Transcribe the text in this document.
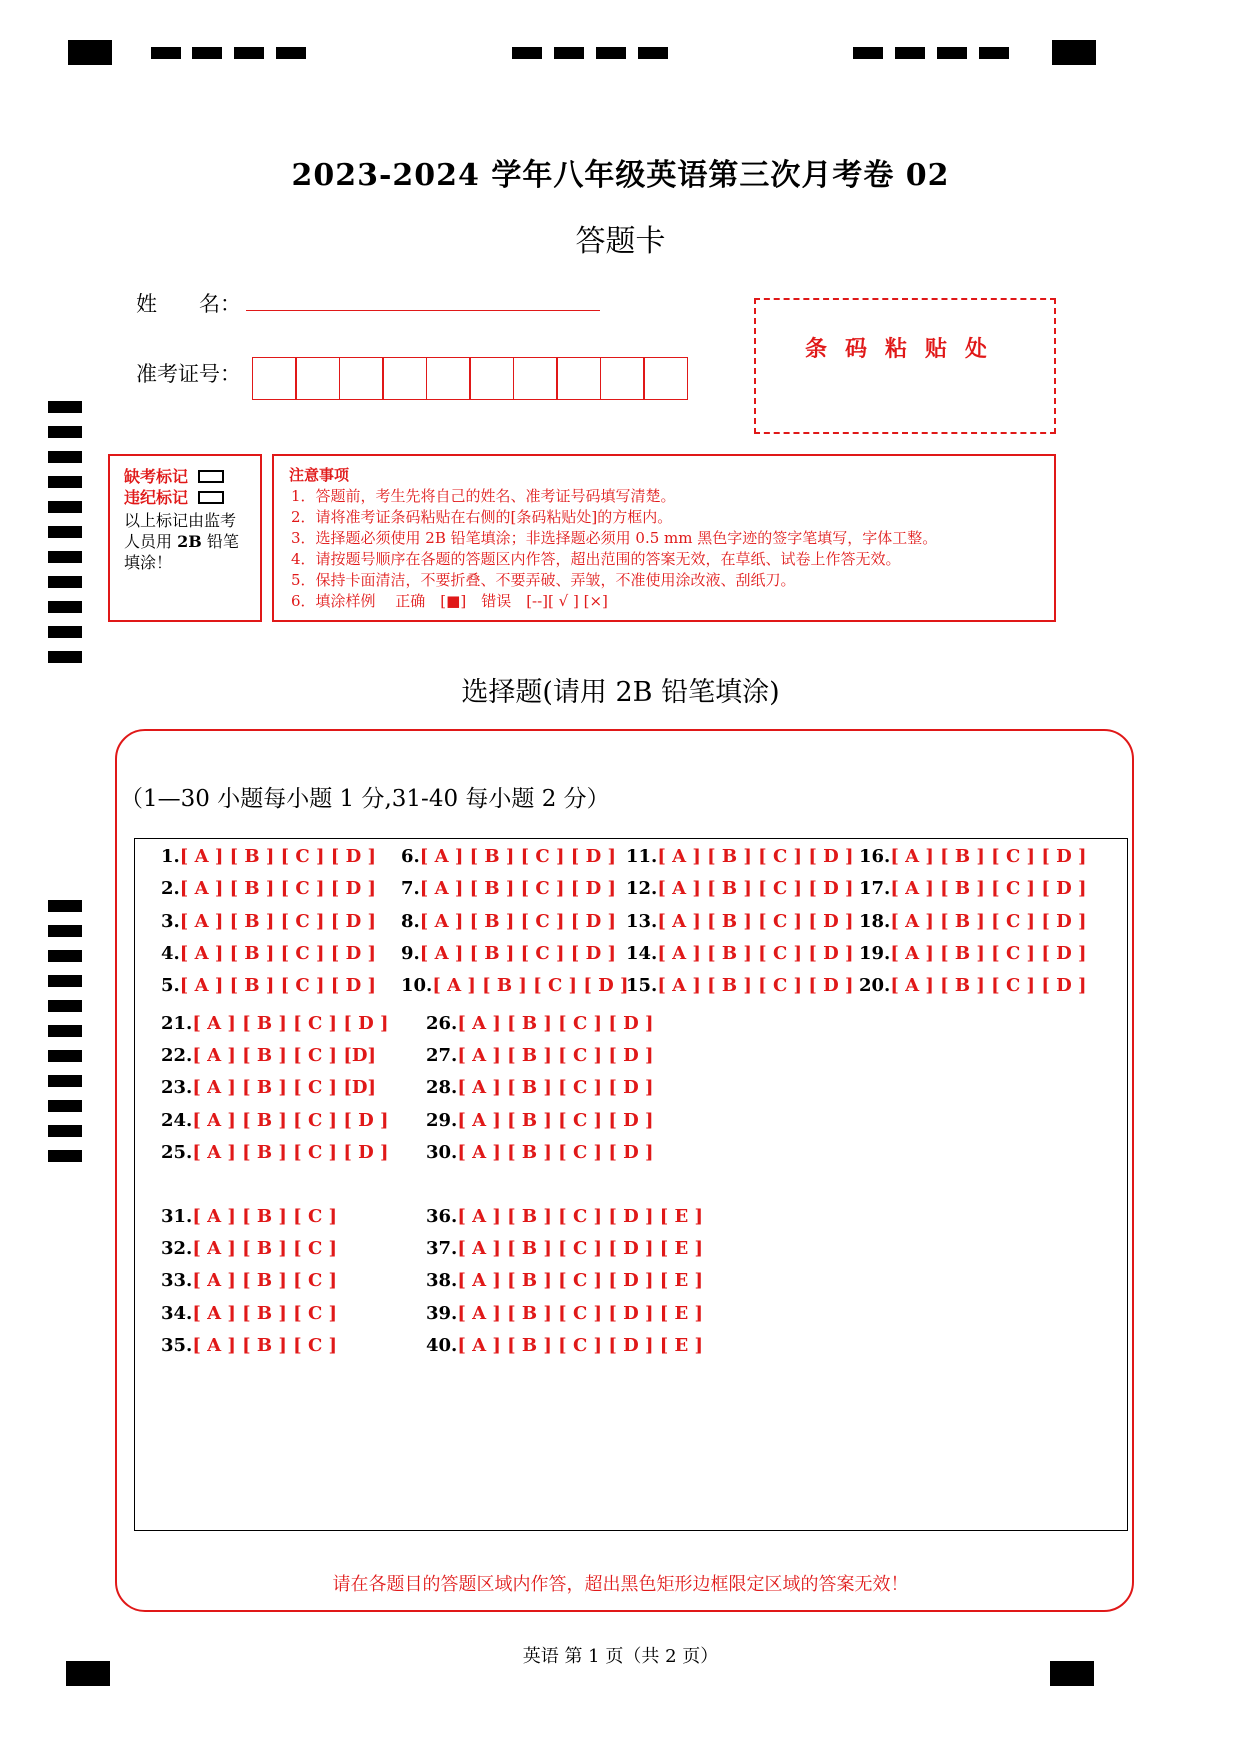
2023-2024 学年八年级英语第三次月考卷 02
答题卡
姓　　名：
准考证号：
条码粘贴处
缺考标记
违纪标记
以上标记由监考
人员用 2B 铅笔
填涂！
注意事项
1．答题前，考生先将自己的姓名、准考证号码填写清楚。
2．请将准考证条码粘贴在右侧的[条码粘贴处]的方框内。
3．选择题必须使用 2B 铅笔填涂；非选择题必须用 0.5 mm 黑色字迹的签字笔填写，字体工整。
4．请按题号顺序在各题的答题区内作答，超出范围的答案无效，在草纸、试卷上作答无效。
5．保持卡面清洁，不要折叠、不要弄破、弄皱，不准使用涂改液、刮纸刀。
6．填涂样例　 正确　[■]　错误　[--][ √ ] [×]
选择题(请用 2B 铅笔填涂)
（1—30 小题每小题 1 分,31-40 每小题 2 分）
1.[ A ] [ B ] [ C ] [ D ]
2.[ A ] [ B ] [ C ] [ D ]
3.[ A ] [ B ] [ C ] [ D ]
4.[ A ] [ B ] [ C ] [ D ]
5.[ A ] [ B ] [ C ] [ D ]
6.[ A ] [ B ] [ C ] [ D ]
7.[ A ] [ B ] [ C ] [ D ]
8.[ A ] [ B ] [ C ] [ D ]
9.[ A ] [ B ] [ C ] [ D ]
10.[ A ] [ B ] [ C ] [ D ]
11.[ A ] [ B ] [ C ] [ D ]
12.[ A ] [ B ] [ C ] [ D ]
13.[ A ] [ B ] [ C ] [ D ]
14.[ A ] [ B ] [ C ] [ D ]
15.[ A ] [ B ] [ C ] [ D ]
16.[ A ] [ B ] [ C ] [ D ]
17.[ A ] [ B ] [ C ] [ D ]
18.[ A ] [ B ] [ C ] [ D ]
19.[ A ] [ B ] [ C ] [ D ]
20.[ A ] [ B ] [ C ] [ D ]
21.[ A ] [ B ] [ C ] [ D ]
22.[ A ] [ B ] [ C ] [D]
23.[ A ] [ B ] [ C ] [D]
24.[ A ] [ B ] [ C ] [ D ]
25.[ A ] [ B ] [ C ] [ D ]
26.[ A ] [ B ] [ C ] [ D ]
27.[ A ] [ B ] [ C ] [ D ]
28.[ A ] [ B ] [ C ] [ D ]
29.[ A ] [ B ] [ C ] [ D ]
30.[ A ] [ B ] [ C ] [ D ]
31.[ A ] [ B ] [ C ]
32.[ A ] [ B ] [ C ]
33.[ A ] [ B ] [ C ]
34.[ A ] [ B ] [ C ]
35.[ A ] [ B ] [ C ]
36.[ A ] [ B ] [ C ] [ D ] [ E ]
37.[ A ] [ B ] [ C ] [ D ] [ E ]
38.[ A ] [ B ] [ C ] [ D ] [ E ]
39.[ A ] [ B ] [ C ] [ D ] [ E ]
40.[ A ] [ B ] [ C ] [ D ] [ E ]
请在各题目的答题区域内作答，超出黑色矩形边框限定区域的答案无效！
英语 第 1 页（共 2 页）
